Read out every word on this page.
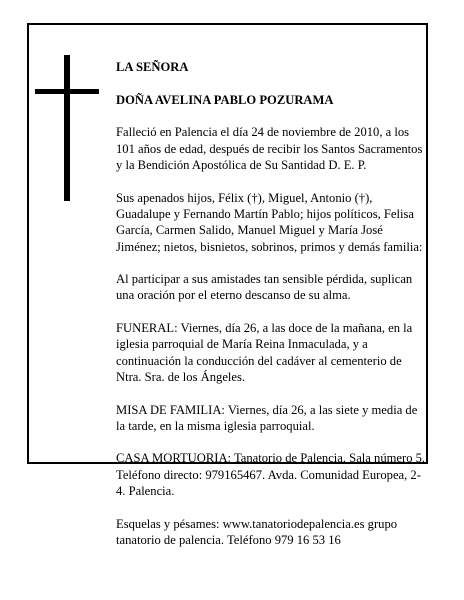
LA SEÑORA

DOÑA AVELINA PABLO POZURAMA

Falleció en Palencia el día 24 de noviembre de 2010, a los 101 años de edad, después de recibir los Santos Sacramentos y la Bendición Apostólica de Su Santidad D. E. P.

Sus apenados hijos, Félix (†), Miguel, Antonio (†), Guadalupe y Fernando Martín Pablo; hijos políticos, Felisa García, Carmen Salido, Manuel Miguel y María José Jiménez; nietos, bisnietos, sobrinos, primos y demás familia:

Al participar a sus amistades tan sensible pérdida, suplican una oración por el eterno descanso de su alma.

FUNERAL: Viernes, día 26, a las doce de la mañana, en la iglesia parroquial de María Reina Inmaculada, y a continuación la conducción del cadáver al cementerio de Ntra. Sra. de los Ángeles.

MISA DE FAMILIA: Viernes, día 26, a las siete y media de la tarde, en la misma iglesia parroquial.

CASA MORTUORIA: Tanatorio de Palencia. Sala número 5. Teléfono directo: 979165467. Avda. Comunidad Europea, 2-4. Palencia.

Esquelas y pésames: www.tanatoriodepalencia.es grupo tanatorio de palencia. Teléfono 979 16 53 16
